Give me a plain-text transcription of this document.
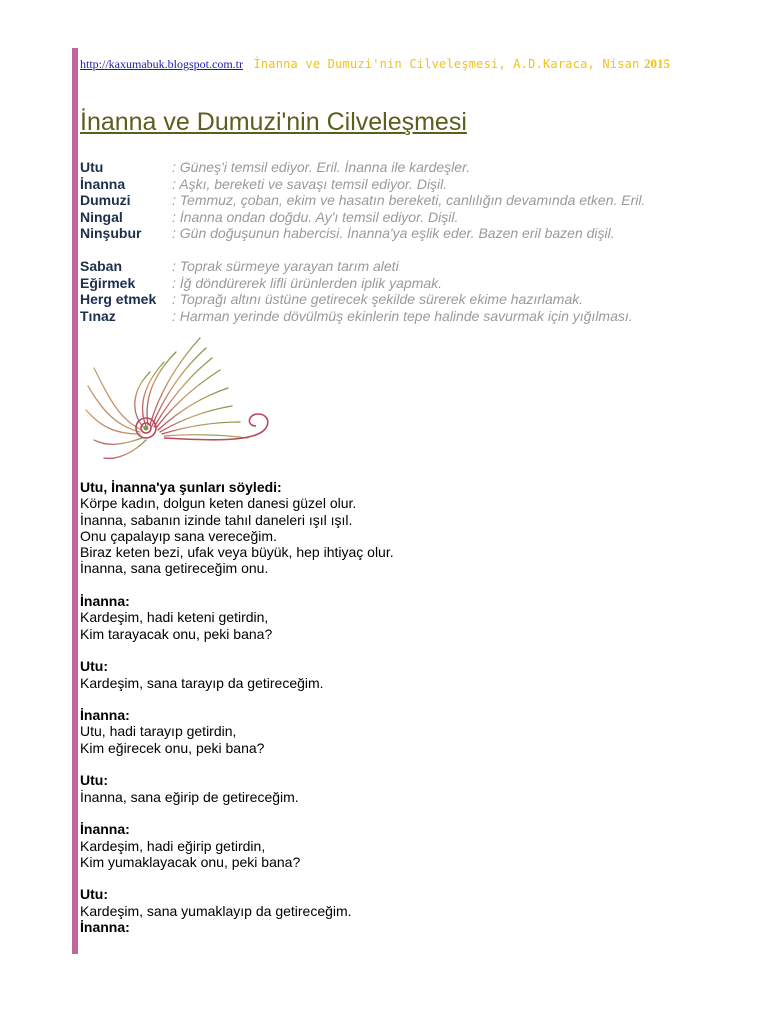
http://kaxumabuk.blogspot.com.tr İnanna ve Dumuzi'nin Cilveleşmesi, A.D.Karaca, Nisan 2015
İnanna ve Dumuzi'nin Cilveleşmesi
Utu	: Güneş'i temsil ediyor. Eril. İnanna ile kardeşler.
İnanna	: Aşkı, bereketi ve savaşı temsil ediyor. Dişil.
Dumuzi	: Temmuz, çoban, ekim ve hasatın bereketi, canlılığın devamında etken. Eril.
Ningal	: İnanna ondan doğdu. Ay'ı temsil ediyor. Dişil.
Ninşubur	: Gün doğuşunun habercisi. İnanna'ya eşlik eder. Bazen eril bazen dişil.
Saban	: Toprak sürmeye yarayan tarım aleti
Eğirmek	: İğ döndürerek lifli ürünlerden iplik yapmak.
Herg etmek	: Toprağı altını üstüne getirecek şekilde sürerek ekime hazırlamak.
Tınaz	: Harman yerinde dövülmüş ekinlerin tepe halinde savurmak için yığılması.
Utu, İnanna'ya şunları söyledi:
Körpe kadın, dolgun keten danesi güzel olur.
İnanna, sabanın izinde tahıl daneleri ışıl ışıl.
Onu çapalayıp sana vereceğim.
Biraz keten bezi, ufak veya büyük, hep ihtiyaç olur.
İnanna, sana getireceğim onu.
İnanna:
Kardeşim, hadi keteni getirdin,
Kim tarayacak onu, peki bana?
Utu:
Kardeşim, sana tarayıp da getireceğim.
İnanna:
Utu, hadi tarayıp getirdin,
Kim eğirecek onu, peki bana?
Utu:
İnanna, sana eğirip de getireceğim.
İnanna:
Kardeşim, hadi eğirip getirdin,
Kim yumaklayacak onu, peki bana?
Utu:
Kardeşim, sana yumaklayıp da getireceğim.
İnanna:
